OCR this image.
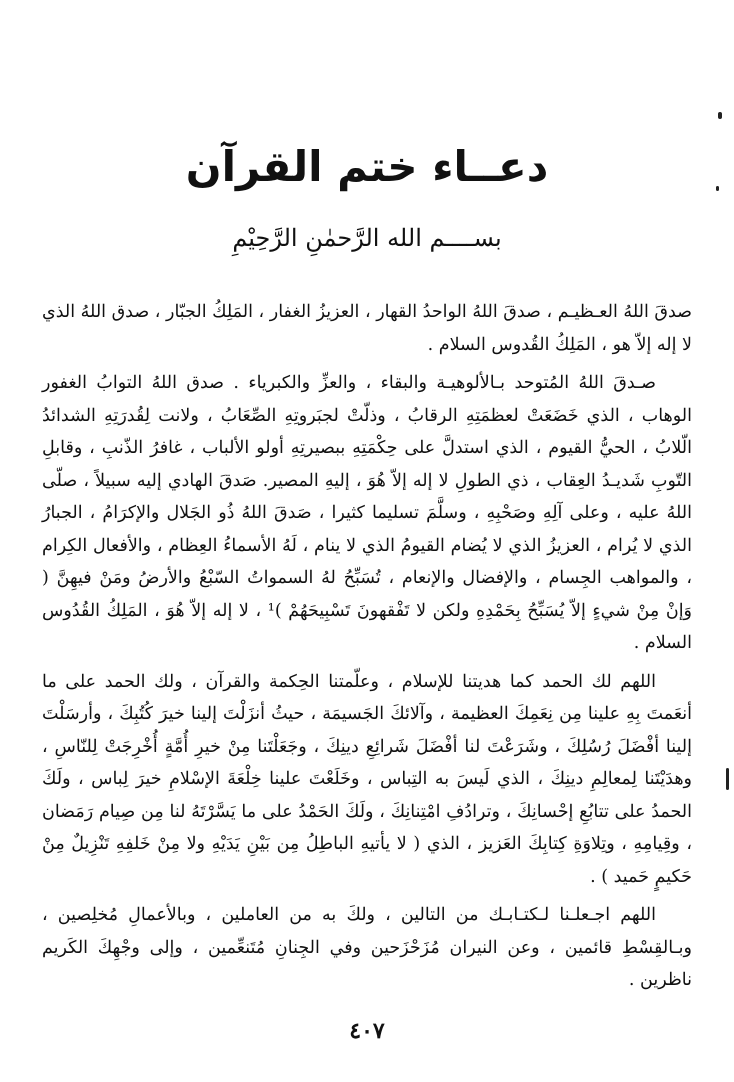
دعــاء ختم القرآن
بســــم الله الرَّحمٰنِ الرَّحِيْمِ

صدقَ اللهُ العـظيـم ، صدقَ اللهُ الواحدُ القهار ، العزيزُ الغفار ، المَلِكُ الجبّار ، صدق اللهُ الذي لا إله إلاّ هو ، المَلِكُ القُدوس السلام .

صـدقَ اللهُ المُتوحد بـالألوهيـة والبقاء ، والعزِّ والكبرياء . صدق اللهُ التوابُ الغفور الوهاب ، الذي خَضَعَتْ لعظمَتِهِ الرقابُ ، وذلّتْ لجبَروتِهِ الصِّعَابُ ، ولانت لِقُدرَتِهِ الشدائدُ الّلابُ ، الحيُّ القيوم ، الذي استدلَّ على حِكْمَتِهِ ببصيرتِهِ أولو الألباب ، غافرُ الذّنبِ ، وقابلِ التّوبِ شَديـدُ العِقاب ، ذي الطولِ لا إله إلاّ هُوَ ، إليهِ المصير. صَدقَ الهادي إليه سبيلاً ، صلّى اللهُ عليه ، وعلى آلِهِ وصَحْبِهِ ، وسلَّمَ تسليما كثيرا ، صَدقَ اللهُ ذُو الجَلال والإكرَامُ ، الجبارُ الذي لا يُرام ، العزيزُ الذي لا يُضام القيومُ الذي لا ينام ، لَهُ الأسماءُ العِظام ، والأفعال الكِرام ، والمواهب الجِسام ، والإفضال والإنعام ، تُسَبِّحُ لهُ السمواتُ السّبْعُ والأرضُ ومَنْ فيهِنَّ ( وَإنْ مِنْ شيءٍ إلاّ يُسَبِّحُ بِحَمْدِهِ ولكن لا تَفْقهونَ تَسْبِيحَهُمْ )¹ ، لا إله إلاّ هُوَ ، المَلِكُ القُدُوس السلام .

اللهم لك الحمد كما هديتنا للإسلام ، وعلّمتنا الحِكمة والقرآن ، ولك الحمد على ما أنعَمتَ بِهِ علينا مِن نِعَمِكَ العظيمة ، وآلائكَ الجَسيمَة ، حيثُ أنزَلْتَ إلينا خيرَ كُتُبِكَ ، وأرسَلْتَ إلينا أفْضَلَ رُسُلِكَ ، وشَرَعْتَ لنا أفْضَلَ شَرائِعِ دينِكَ ، وجَعَلْتَنا مِنْ خيرِ أُمَّةٍ أُخْرِجَتْ لِلنّاسِ ، وهدَيْتَنا لِمعالِمِ دينِكَ ، الذي لَيسَ به التِباس ، وخَلَعْتَ علينا خِلْعَةَ الإسْلامِ خيرَ لِباس ، ولَكَ الحمدُ على تتابُعِ إحْسانِكَ ، وترادُفِ امْتِنانِكَ ، ولَكَ الحَمْدُ على ما يَسَّرْتَهُ لنا مِن صِيام رَمَضان ، وقِيامِهِ ، وتِلاوَةِ كِتابِكَ العَزيز ، الذي ( لا يأتيهِ الباطِلُ مِن بَيْنِ يَدَيْهِ ولا مِنْ خَلفِهِ تَنْزِيلٌ مِنْ حَكيمٍ حَميد ) .

اللهم اجـعلـنا لـكتـابـك من التالين ، ولكَ به من العاملين ، وبالأعمالِ مُخلِصين ، وبـالقِسْطِ قائمين ، وعن النيران مُزَحْزَحين وفي الجِنانِ مُتَنعِّمين ، وإلى وجْهِكَ الكَريم ناظرين .

٤٠٧
